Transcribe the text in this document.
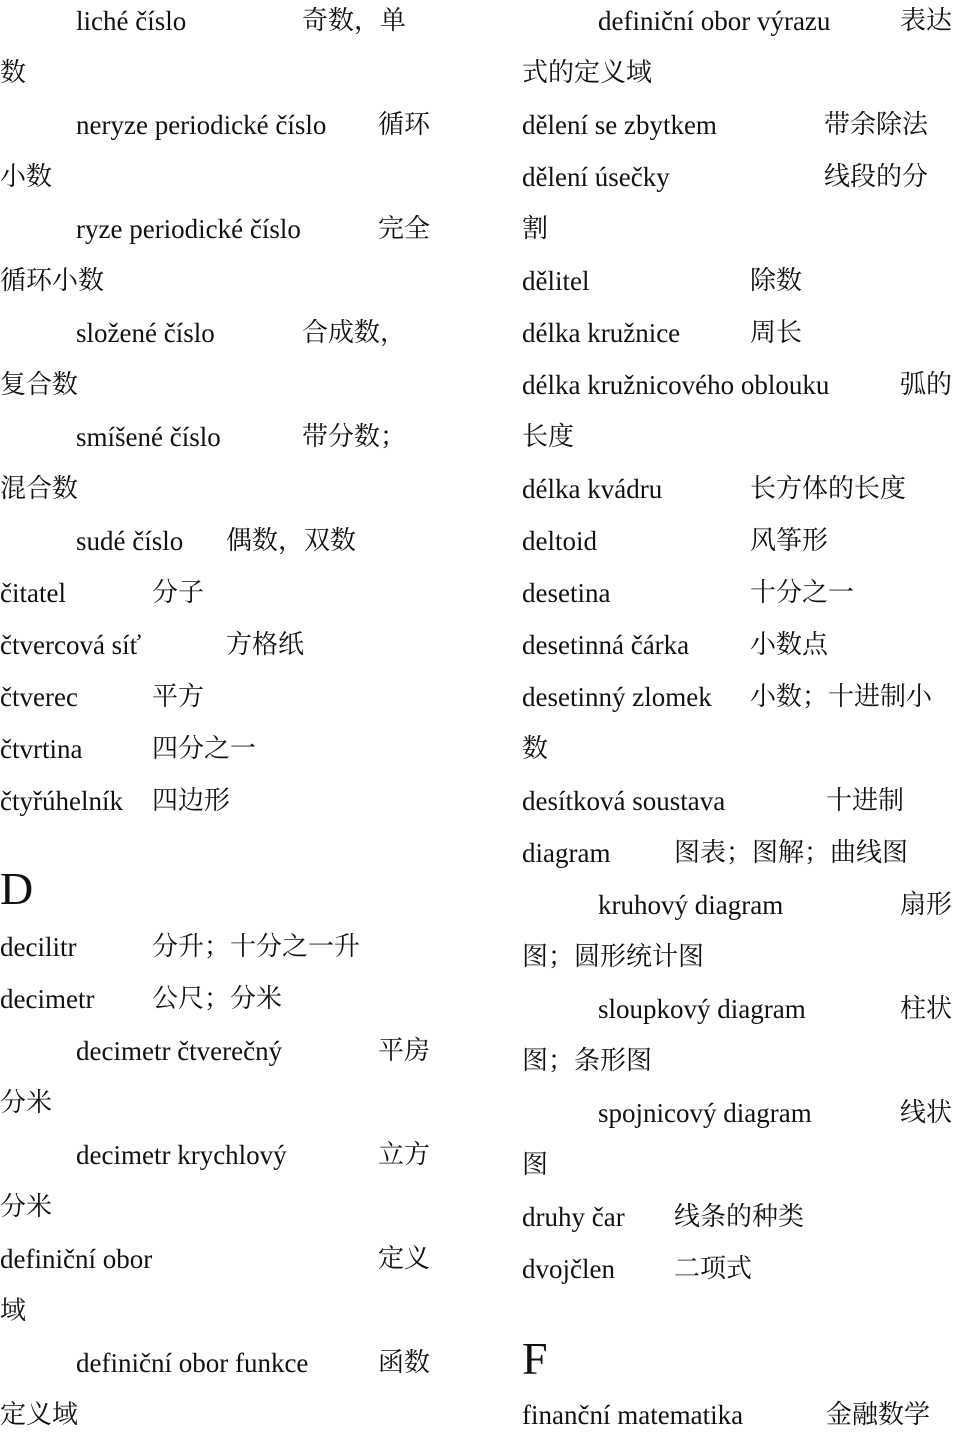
liché číslo	奇数，单
数
neryze periodické číslo 循环
小数
ryze periodické číslo	完全
循环小数
složené číslo	合成数，
复合数
smíšené číslo	带分数；
混合数
sudé číslo 偶数，双数
čitatel	分子
čtvercová síť	方格纸
čtverec	平方
čtvrtina	四分之一
čtyřúhelník 四边形
D
decilitr	分升；十分之一升
decimetr 公尺；分米
decimetr čtverečný	平房
分米
decimetr krychlový	立方
分米
definiční obor	定义
域
definiční obor funkce	函数
定义域
definiční obor výrazu	表达
式的定义域
dělení se zbytkem	带余除法
dělení úsečky	线段的分
割
dělitel	除数
délka kružnice	周长
délka kružnicového oblouku	弧的
长度
délka kvádru	长方体的长度
deltoid	风筝形
desetina	十分之一
desetinná čárka 小数点
desetinný zlomek 小数；十进制小
数
desítková soustava	十进制
diagram 图表；图解；曲线图
kruhový diagram	扇形
图；圆形统计图
sloupkový diagram	柱状
图；条形图
spojnicový diagram	线状
图
druhy čar 线条的种类
dvojčlen 二项式
F
finanční matematika	金融数学
